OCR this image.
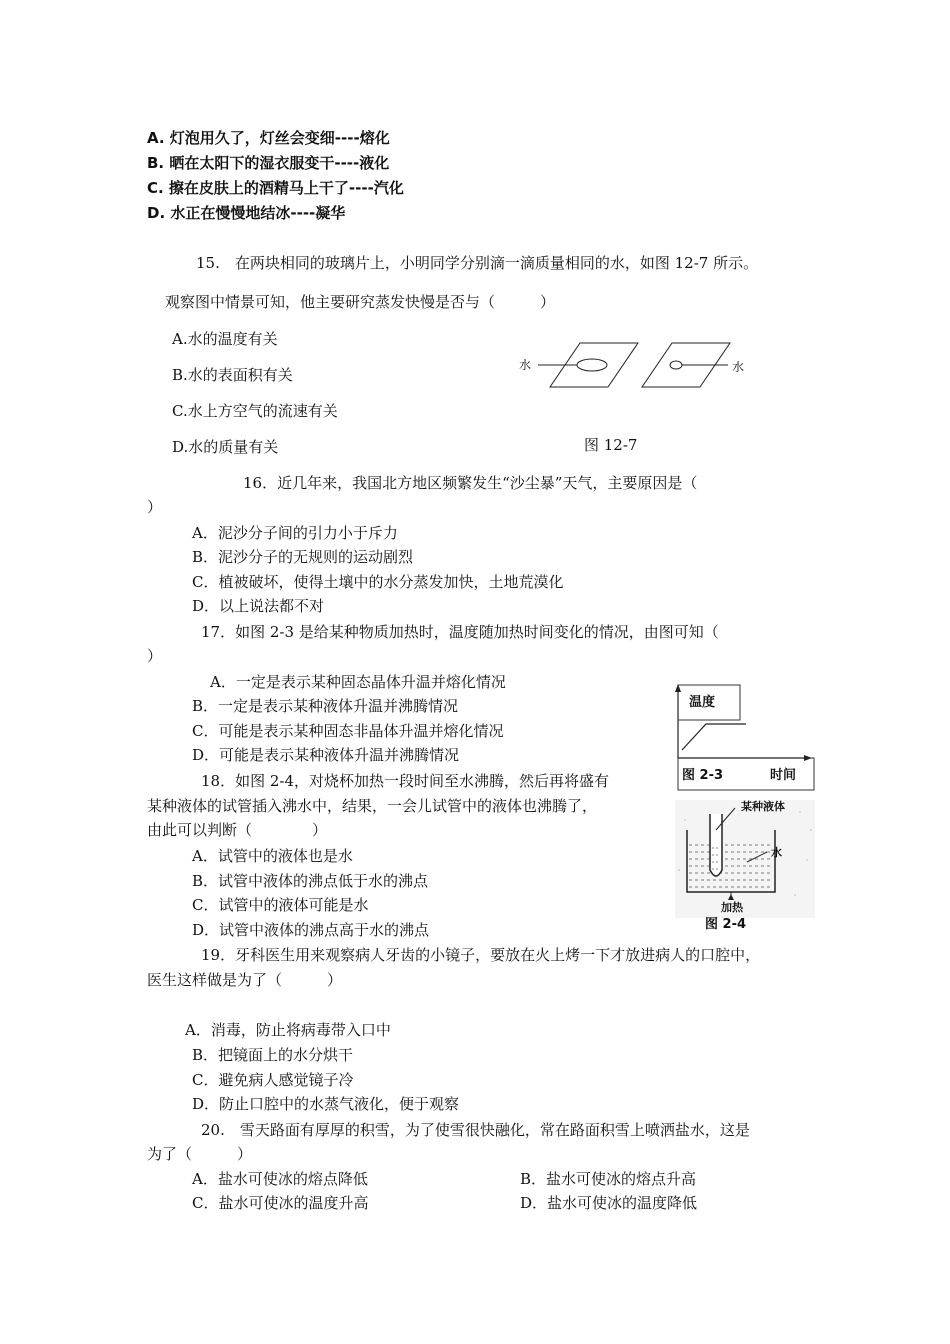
A. 灯泡用久了，灯丝会变细----熔化
B. 晒在太阳下的湿衣服变干----液化
C. 擦在皮肤上的酒精马上干了----汽化
D. 水正在慢慢地结冰----凝华
15.　在两块相同的玻璃片上，小明同学分别滴一滴质量相同的水，如图 12-7 所示。
观察图中情景可知，他主要研究蒸发快慢是否与（　　　）
A.水的温度有关
B.水的表面积有关
C.水上方空气的流速有关
D.水的质量有关
水	水
图 12-7
16．近几年来，我国北方地区频繁发生“沙尘暴”天气，主要原因是（
）
A．泥沙分子间的引力小于斥力
B．泥沙分子的无规则的运动剧烈
C．植被破坏，使得土壤中的水分蒸发加快，土地荒漠化
D．以上说法都不对
17．如图 2-3 是给某种物质加热时，温度随加热时间变化的情况，由图可知（
）
A．一定是表示某种固态晶体升温并熔化情况
B．一定是表示某种液体升温并沸腾情况
C．可能是表示某种固态非晶体升温并熔化情况
D．可能是表示某种液体升温并沸腾情况
温度
图 2-3	时间
18．如图 2-4，对烧杯加热一段时间至水沸腾，然后再将盛有
某种液体的试管插入沸水中，结果，一会儿试管中的液体也沸腾了，
由此可以判断（　　　　）
A．试管中的液体也是水
B．试管中液体的沸点低于水的沸点
C．试管中的液体可能是水
D．试管中液体的沸点高于水的沸点
某种液体
水
加热
图 2-4
19．牙科医生用来观察病人牙齿的小镜子，要放在火上烤一下才放进病人的口腔中，
医生这样做是为了（　　　）
A．消毒，防止将病毒带入口中
B．把镜面上的水分烘干
C．避免病人感觉镜子冷
D．防止口腔中的水蒸气液化，便于观察
20.　雪天路面有厚厚的积雪，为了使雪很快融化，常在路面积雪上喷洒盐水，这是
为了（　　　）
A．盐水可使冰的熔点降低	B．盐水可使冰的熔点升高
C．盐水可使冰的温度升高	D．盐水可使冰的温度降低
